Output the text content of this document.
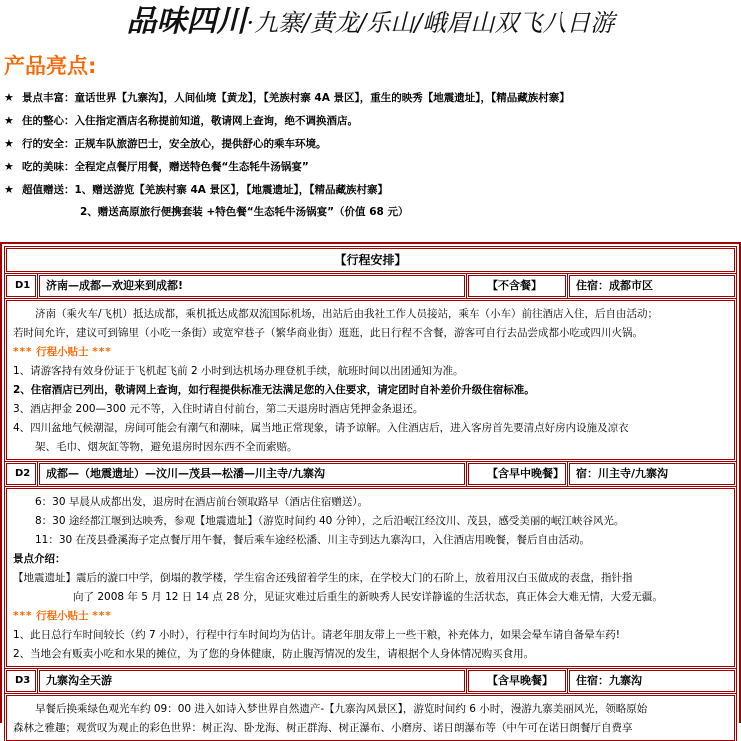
品味四川·九寨/黄龙/乐山/峨眉山双飞八日游
产品亮点:
★ 景点丰富：童话世界【九寨沟】，人间仙境【黄龙】，【羌族村寨 4A 景区】，重生的映秀【地震遗址】，【精品藏族村寨】
★ 住的整心：入住指定酒店名称提前知道，敬请网上查询，绝不调换酒店。
★ 行的安全：正规车队旅游巴士，安全放心，提供舒心的乘车环境。
★ 吃的美味：全程定点餐厅用餐，赠送特色餐“生态牦牛汤锅宴”
★ 超值赠送：1、赠送游览【羌族村寨 4A 景区】，【地震遗址】，【精品藏族村寨】
2、赠送高原旅行便携套装 +特色餐“生态牦牛汤锅宴”（价值 68 元）
【行程安排】
D1	济南—成都—欢迎来到成都!	【不含餐】	住宿：成都市区
济南（乘火车/飞机）抵达成都，乘机抵达成都双流国际机场，出站后由我社工作人员接站，乘车（小车）前往酒店入住，后自由活动；
若时间允许，建议可到锦里（小吃一条街）或宽窄巷子（繁华商业街）逛逛，此日行程不含餐，游客可自行去品尝成都小吃或四川火锅。
*** 行程小贴士 ***
1、请游客持有效身份证于飞机起飞前 2 小时到达机场办理登机手续，航班时间以出团通知为准。
2、住宿酒店已列出，敬请网上查询，如行程提供标准无法满足您的入住要求，请定团时自补差价升级住宿标准。
3、酒店押金 200—300 元不等，入住时请自付前台，第二天退房时酒店凭押金条退还。
4、四川盆地气候潮湿，房间可能会有潮气和潮味，属当地正常现象，请予谅解。入住酒店后，进入客房首先要清点好房内设施及凉衣
架、毛巾、烟灰缸等物，避免退房时因东西不全而索赔。
D2	成都—（地震遗址）—汶川—茂县—松潘—川主寺/九寨沟	【含早中晚餐】	宿：川主寺/九寨沟
6：30 早晨从成都出发，退房时在酒店前台领取路早（酒店住宿赠送）。
8：30 途经都江堰到达映秀，参观【地震遗址】（游览时间约 40 分钟），之后沿岷江经汶川、茂县，感受美丽的岷江峡谷风光。
11：30 在茂县叠溪海子定点餐厅用午餐，餐后乘车途经松潘、川主寺到达九寨沟口，入住酒店用晚餐，餐后自由活动。
景点介绍：
【地震遗址】震后的漩口中学，倒塌的教学楼，学生宿舍还残留着学生的床，在学校大门的石阶上，放着用汉白玉做成的表盘，指针指
向了 2008 年 5 月 12 日 14 点 28 分，见证灾难过后重生的新映秀人民安详静谧的生活状态，真正体会大难无情，大爱无疆。
*** 行程小贴士 ***
1、此日总行车时间较长（约 7 小时），行程中行车时间均为估计。请老年朋友带上一些干粮，补充体力，如果会晕车请自备晕车药!
2、当地会有贩卖小吃和水果的摊位，为了您的身体健康，防止腹泻情况的发生，请根据个人身体情况购买食用。
D3	九寨沟全天游	【含早晚餐】	住宿：九寨沟
早餐后换乘绿色观光车约 09：00 进入如诗入梦世界自然遗产-【九寨沟风景区】，游览时间约 6 小时，漫游九寨美丽风光，领略原始
森林之雅趣；观赏叹为观止的彩色世界：树正沟、卧龙海、树正群海、树正瀑布、小磨房、诺日朗瀑布等（中午可在诺日朗餐厅自费享
